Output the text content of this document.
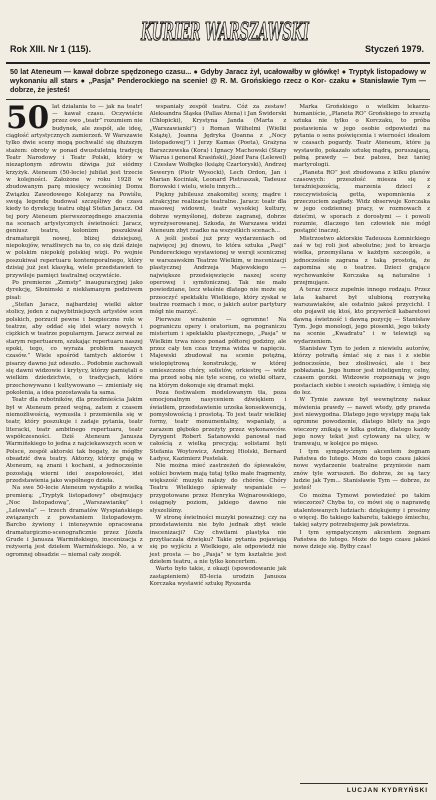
Rok XIII. Nr 1 (115).
KURIER WARSZAWSKI
Styczeń 1979.
50 lat Ateneum — kawał dobrze spędzonego czasu... ● Gdyby Jaracz żył, ucałowałby w główkę! ● Tryptyk listopadowy w wykonaniu all stars ● „Pasja” Penderockiego na scenie! @ R. M. Grońskiego rzecz o Kor- czaku ● Stanisławie Tym — dobrze, że jesteś!

50 lat działania to — jak na teatr! — kawał czasu. Oczywiście przez owo „teatr” rozumiem nie budynek, ale zespół, ale ideę, ciągłość artystycznych zamierzeń. W Warszawie tylko dwie sceny mogą pochwalić się dłuższym stażem: obroty w ponad dwustuletnią tradycję Teatr Narodowy i Teatr Polski, który w niezaptonym zdrowiu dźwiga już siódmy krzyżyk. Ateneum (50-lecie) jubilat jest trzecie w kolejności. Założone w roku 1928 w zbudowanym parę miesięcy wcześniej Domu Związku Zawodowego Kolejarzy na Powiślu, swoją legendę budował szczęśliwy do czasu kiedy to dyrekcję teatru objął Stefan Jaracz. Od tej pory Ateneum pierwszorzędnego znaczenia na scenach artystycznych świetności: Jaracz, geniusz teatru, kolonizm poszukiwał dramaturgii nowej, bliżej dzisiejszej, niepokojów, wrażliwych na to, co się dziś dzieje w polskim niepokój polskiej wizji. Po wojnie poszukiwał repertuaru kontemporalnego, który dzisiaj już jest klasyką, wiele przedstawień to przywileje pamięci teatralnej oczywiście.

Po premierze „Zemsty” inauguracyjnej jako dyrekcję, Słonimski z niekłamanym podziwem pisał:

„Stefan Jaracz, najbardziej wielki aktor stolicy, jeden z najwybitniejszych artystów scen polskich, porzucił pewne i bezpieczne role w teatrze, aby oddać się idei wiary nowych i ciężkich w teatrze popularnym. Jaracz zerwał ze starym repertuarem, szukając repertuaru naszej epoki, tego, co wyraża problem naszych czasów.” Wiele spośród tamtych aktorów i pisarzy dawno już odeszło... Podobnie zachowali się dawni widzowie i krytycy, którzy pamiętali o wielkim dziedzictwie, o tradycjach, które przechowywano i kultywowano — zmieniały się pokolenia, a idea pozostawała ta sama.

Teatr dla robotników, dla przedmieścia Jakim był w Ateneum przed wojną, zatem z czasem niemożliwością, wymusiła i przemieniła się w teatr, który poszukuje i zadaje pytania, teatr literacki, teatr ambitnego repertuaru, teatr współczesności. Dziś Ateneum Janusza Warmińskiego to jedna z najciekawszych scen w Polsce, zespół aktorski tak bogaty, że mógłby obsadzić dwa teatry. Aktorzy, którzy grają w Ateneum, są znani i kochani, a jednocześnie pozostają wierni idei zespołowości, idei przedstawienia jako wspólnego dzieła.

Na swe 50-lecie Ateneum wystąpiło z wielką premierą: „Tryptyk listopadowy” obejmujący „Noc listopadową”, „Warszawiankę” i „Lelewela” — trzech dramatów Wyspiańskiego związanych z powstaniem listopadowym. Barcbo żywiony i intensywnie opracowana dramaturgiczno-scenograficznie przez Józefa Grude i Janusza Warmińskiego, inscenizacja z reżyserią jest dziełem Warmińskiego. No, a w ogromnej obsadzie — niemal cały zespół.

wspaniały zespół teatru. Cóż za zestaw! Aleksandra Śląska (Pallas Atena) i Jan Świderski (Chłopicki), Krystyna Janda (Marta z „Warszawianki”) i Roman Wilhelmi (Wielki Książę), Joanna Jędryka (Joanna z „Nocy listopadowej”) i Jerzy Kamas (Poeta), Grażyna Barszczewska (Kora) i Ignacy Machowski (Stary Wiarus i generał Krasiński), Józef Para (Lelewel) i Czesław Wołłejko (książę Czartoryski), Andrzej Seweryn (Piotr Wysocki), Lech Ordon, Jan i Marian Kociniak, Leonard Pietraszak, Tadeusz Borowski i wielu, wielu innych...

Piękny jubileusz znakomitej sceny, mądre i atrakcyjne realizacje teatralne. Jaracz: teatr dla masowej widowni, teatr wysokiej kultury, dobrze wymyślonej, dobrze zagranej, dobrze wyreżyserowanej. Szkoda, że Warszawa widzi Ateneum zbyt rzadko na wszystkich scenach...

A jeśli jesteś już przy wydarzeniach od najwięcej jej dnowu, to która sztuka „Pasji” Pendereckiego wystawionej w wersji scenicznej w warszawskim Teatrze Wielkim, w inscenizacji plastycznej Andrzeja Majewskiego — największe przedsięwzięcie naszej sceny operowej i symfonicznej. Tak nie mało powiedziane, lecz właśnie dlatego nie może się przeoczyć spektaklu Wielkiego, który zyskał w teatrze rozmach i moc, o jakich autor partytury mógł nie marzyć.

Pierwsze wrażenie — ogromne! Na pograniczu opery i oratorium, na pograniczu misterium i spektaklu plastycznego, „Pasja” w Wielkim trwa nieco ponad półtorej godziny, ale przez cały ten czas trzyma widza w napięciu. Majewski zbudował na scenie potężną, wielopiętrową konstrukcję, w której umieszczono chóry, solistów, orkiestrę — widz ma przed sobą nie tyle scenę, co wielki ołtarz, na którym dokonuje się dramat męki.

Poza festiwalem modelowanym tła, poza emocjonalnym nasyceniem dźwiękiem i światłem, przedstawienie urzeka konsekwencją, pomysłowością i prostotą. To jest teatr wielkiej formy, teatr monumentalny, wspaniały, a zarazem głęboko przeżyty przez wykonawców. Dyrygent Robert Satanowski panował nad całością z wielką precyzją; solistami byli Stefania Woytowicz, Andrzej Hiolski, Bernard Ładysz, Kazimierz Pustelak.

Nie można mieć zastrzeżeń do śpiewaków, soliści bowiem mają tutaj tylko małe fragmenty, większość muzyki należy do chórów. Chóry Teatru Wielkiego śpiewały wspaniale — przygotowane przez Henryka Wojnarowskiego, osiągnęły poziom, jakiego dawno nie słyszeliśmy.

W stronę świetności muzyki poważnej: czy na przedstawieniu nie było jednak zbyt wiele inscenizacji? Czy chwilami plastyka nie przytłaczała dźwięku? Takie pytania pojawiają się po wyjściu z Wielkiego, ale odpowiedź nie jest prosta — bo „Pasja” w tym kształcie jest dziełem teatru, a nie tylko koncertem.

Warto było takie, z okazji (spowodowanie jak zastąpieniem) 85-lecia urodzin Janusza Korczaka wystawić sztukę Ryszarda

Marka Grońskiego o wielkim lekarzu-humaniście, „Planeta RO” Grońskiego to zresztą sztuka nie tylko o Korczaku, to próba postawienia w jego osobie odpowiedzi na pytania o sens poświęcenia i wierności ideałom w czasach pogardy. Teatr Ateneum, które ją wystawiło, pokazało sztukę mądrą, poruszającą, pełną prawdy — bez patosu, bez taniej martyrologii.

„Planeta RO” jest zbudowana z kilku planów czasowych: przeszłość miesza się z teraźniejszością, marzenia dzieci z rzeczywistością getta, wspomnienia z przeczuciem zagłady. Widz obserwuje Korczaka w jego codziennej pracy, w rozmowach z dziećmi, w sporach z dorosłymi — i powoli rozumie, dlaczego ten człowiek nie mógł postąpić inaczej.

Mistrzostwo aktorskie Tadeusza Łomnickiego zaś w tej roli jest absolutne; jest to kreacja wielka, przemyślana w każdym szczególe, a jednocześnie zagrana z taką prostotą, że zapomina się o teatrze. Dzieci grające wychowanków Korczaka są naturalne i przejmujące.

A teraz rzecz zupełnie innego rodzaju. Przez lata kabaret był ulubioną rozrywką warszawiaków, ale ostatnio jakoś przycichł. I oto pojawił się ktoś, kto przywrócił kabaretowi dawną świetność i dawną pozycję — Stanisław Tym. Jego monologi, jego piosenki, jego teksty na scenie „Kwadratu” i w telewizji są wydarzeniem.

Stanisław Tym to jeden z niewielu autorów, którzy potrafią śmiać się z nas i z siebie jednocześnie, bez złośliwości, ale i bez pobłażania. Jego humor jest inteligentny, celny, czasem gorzki. Widzowie rozpoznają w jego postaciach siebie i swoich sąsiadów, i śmieją się do łez.

W Tymie zawsze był wewnętrzny nakaz mówienia prawdy — nawet wtedy, gdy prawda jest niewygodna. Dlatego jego występy mają tak ogromne powodzenie, dlatego bilety na jego wieczory znikają w kilka godzin, dlatego każdy jego nowy tekst jest cytowany na ulicy, w tramwaju, w kolejce po mięso.

I tym sympatycznym akcentem żegnam Państwa do Iutego. Może do tego czasu jakieś nowe wydarzenie teatralne przyniesie nam znów tyle wzruszeń. Bo dobrze, że są tacy ludzie jak Tym... Stanisławie Tym — dobrze, że jesteś!

Co można Tymowi powiedzieć po takim wieczorze? Chyba to, co mówi się o naprawdę utalentowanych ludziach: dziękujemy i prosimy o więcej. Bo takiego kabaretu, takiego śmiechu, takiej satyry potrzebujemy jak powietrza.

I tym sympatycznym akcentem żegnam Państwa do lutego. Może do tego czasu jakieś nowe dzieje się. Byłby czas!

LUCJAN KYDRYŃSKI
